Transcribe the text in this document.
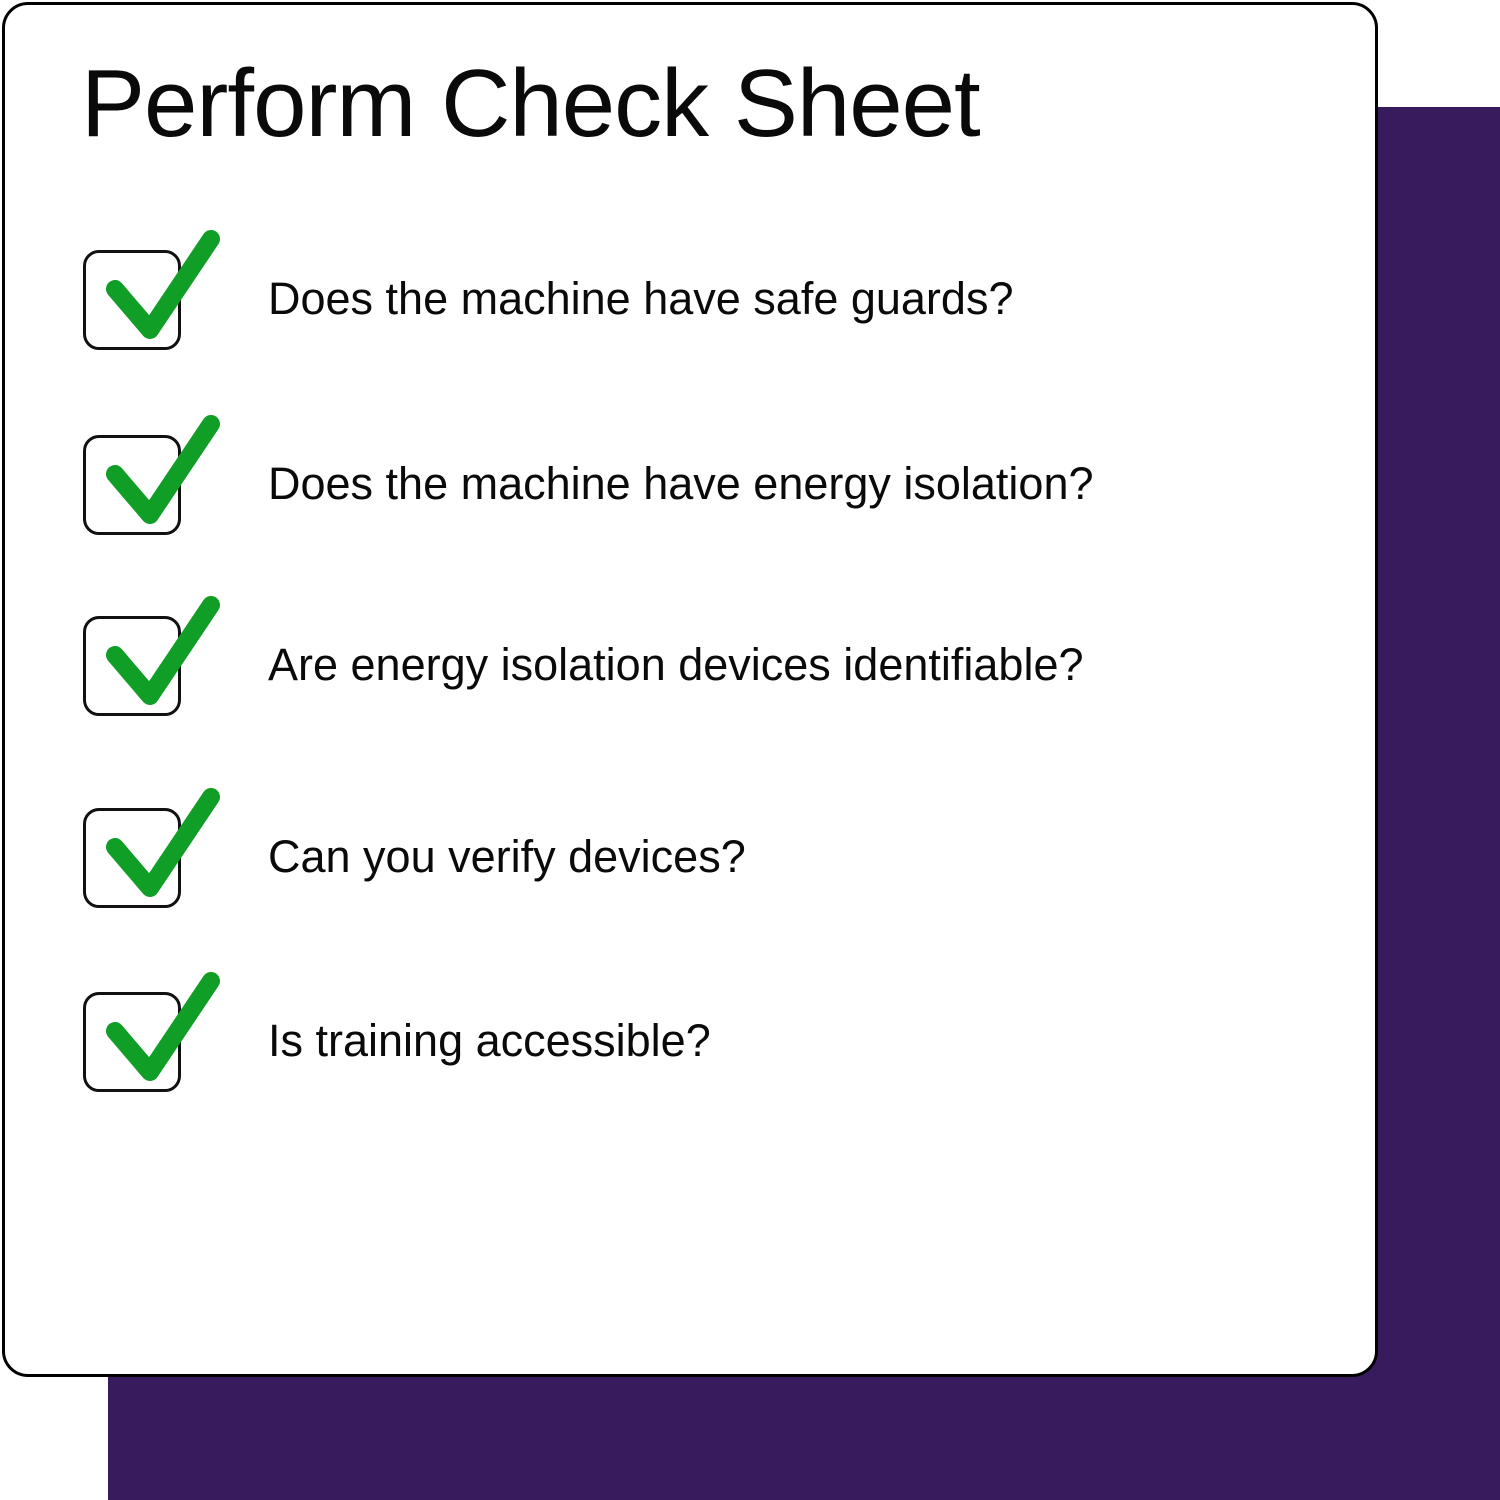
Perform Check Sheet
Does the machine have safe guards?
Does the machine have energy isolation?
Are energy isolation devices identifiable?
Can you verify devices?
Is training accessible?
